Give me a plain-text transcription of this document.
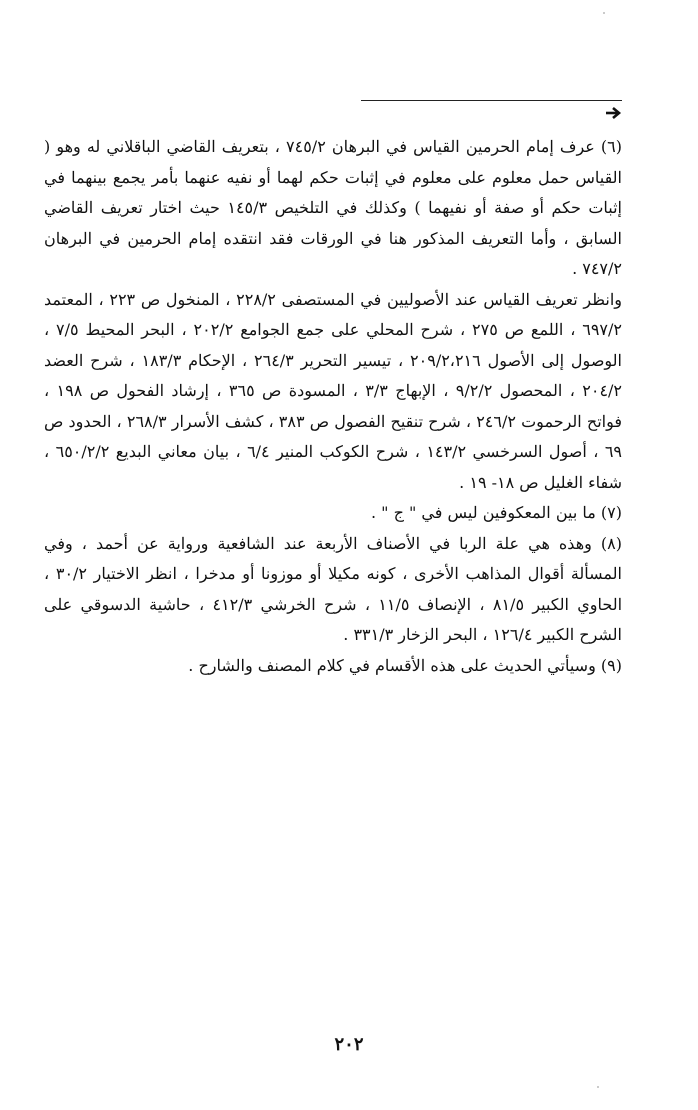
(٦) عرف إمام الحرمين القياس في البرهان ٧٤٥/٢ ، بتعريف القاضي الباقلاني له وهو ( القياس حمل معلوم على معلوم في إثبات حكم لهما أو نفيه عنهما بأمر يجمع بينهما في إثبات حكم أو صفة أو نفيهما ) وكذلك في التلخيص ١٤٥/٣ حيث اختار تعريف القاضي السابق ، وأما التعريف المذكور هنا في الورقات فقد انتقده إمام الحرمين في البرهان ٧٤٧/٢ .

وانظر تعريف القياس عند الأصوليين في المستصفى ٢٢٨/٢ ، المنخول ص ٢٢٣ ، المعتمد ٦٩٧/٢ ، اللمع ص ٢٧٥ ، شرح المحلي على جمع الجوامع ٢٠٢/٢ ، البحر المحيط ٧/٥ ، الوصول إلى الأصول ٢٠٩/٢،٢١٦ ، تيسير التحرير ٢٦٤/٣ ، الإحكام ١٨٣/٣ ، شرح العضد ٢٠٤/٢ ، المحصول ٩/٢/٢ ، الإبهاج ٣/٣ ، المسودة ص ٣٦٥ ، إرشاد الفحول ص ١٩٨ ، فواتح الرحموت ٢٤٦/٢ ، شرح تنقيح الفصول ص ٣٨٣ ، كشف الأسرار ٢٦٨/٣ ، الحدود ص ٦٩ ، أصول السرخسي ١٤٣/٢ ، شرح الكوكب المنير ٦/٤ ، بيان معاني البديع ٦٥٠/٢/٢ ، شفاء الغليل ص ١٨- ١٩ .

(٧) ما بين المعكوفين ليس في " ج " .

(٨) وهذه هي علة الربا في الأصناف الأربعة عند الشافعية ورواية عن أحمد ، وفي المسألة أقوال المذاهب الأخرى ، كونه مكيلا أو موزونا أو مدخرا ، انظر الاختيار ٣٠/٢ ، الحاوي الكبير ٨١/٥ ، الإنصاف ١١/٥ ، شرح الخرشي ٤١٢/٣ ، حاشية الدسوقي على الشرح الكبير ١٢٦/٤ ، البحر الزخار ٣٣١/٣ .

(٩) وسيأتي الحديث على هذه الأقسام في كلام المصنف والشارح .

٢٠٢
